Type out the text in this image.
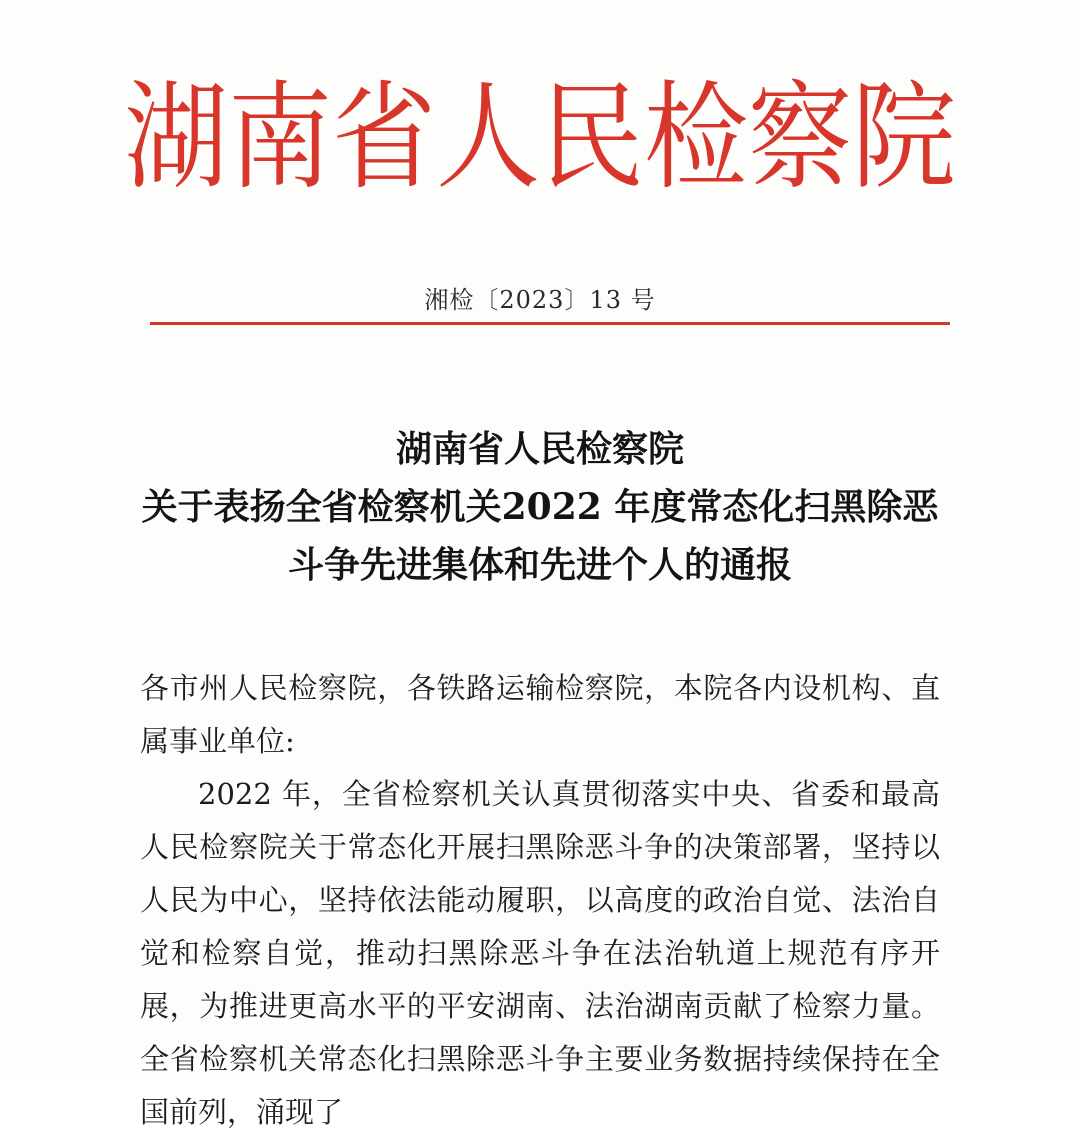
湖南省人民检察院
湘检〔2023〕13 号
湖南省人民检察院
关于表扬全省检察机关2022 年度常态化扫黑除恶
斗争先进集体和先进个人的通报

各市州人民检察院，各铁路运输检察院，本院各内设机构、直属事业单位:

2022 年，全省检察机关认真贯彻落实中央、省委和最高人民检察院关于常态化开展扫黑除恶斗争的决策部署，坚持以人民为中心，坚持依法能动履职，以高度的政治自觉、法治自觉和检察自觉，推动扫黑除恶斗争在法治轨道上规范有序开展，为推进更高水平的平安湖南、法治湖南贡献了检察力量。全省检察机关常态化扫黑除恶斗争主要业务数据持续保持在全国前列，涌现了
